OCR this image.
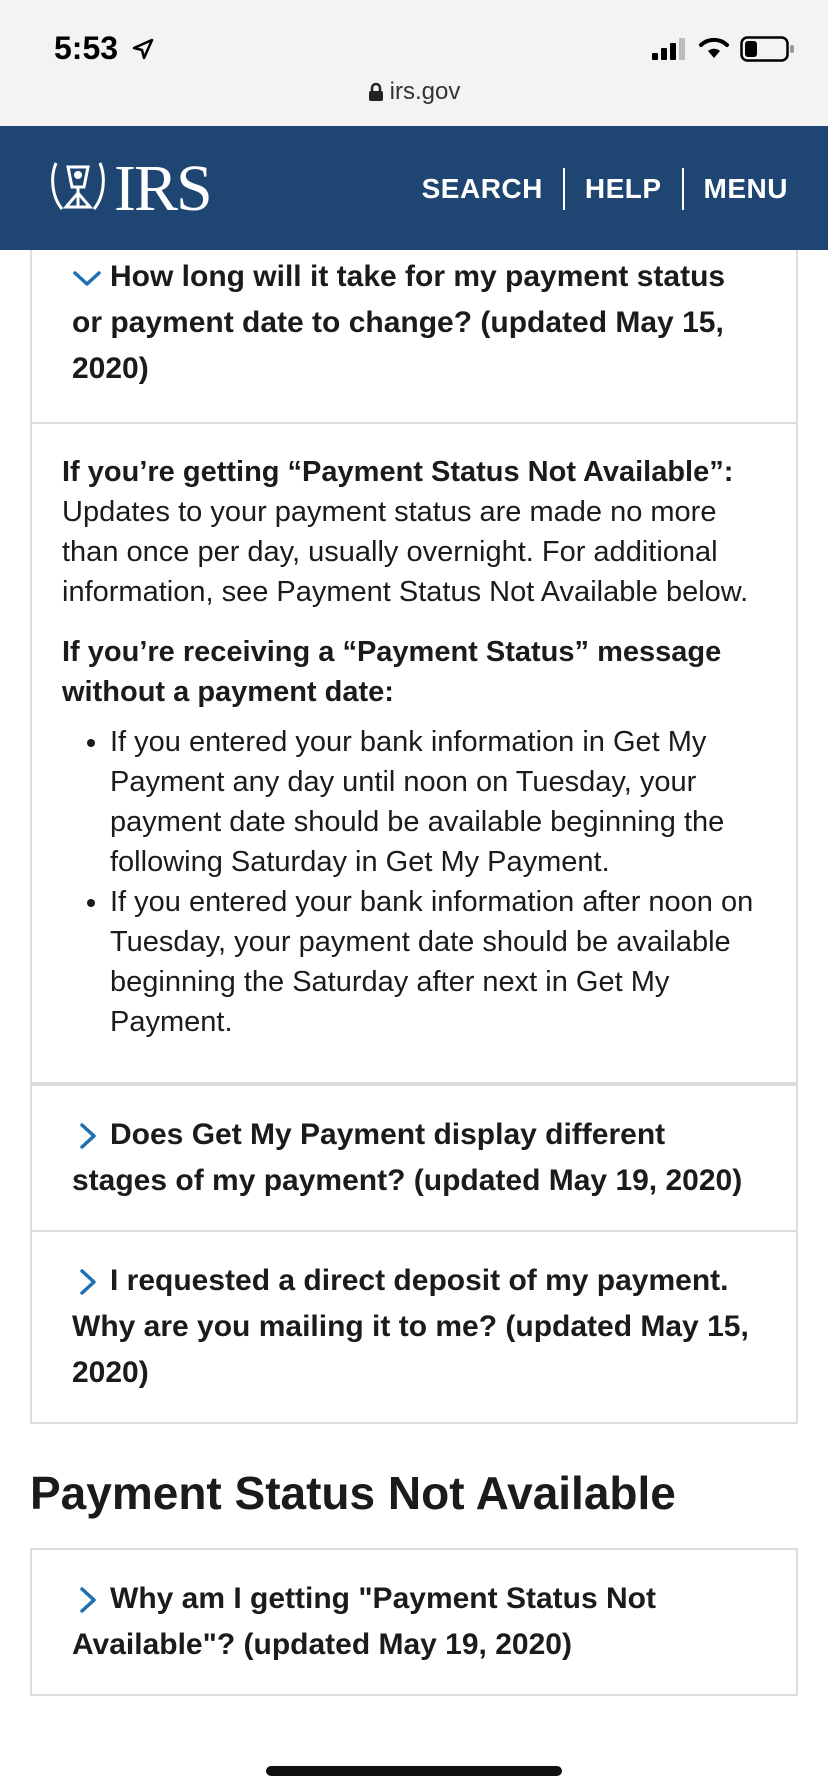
5:53
irs.gov
IRS	SEARCH	HELP	MENU
How long will it take for my payment status or payment date to change? (updated May 15, 2020)

If you’re getting “Payment Status Not Available”:
Updates to your payment status are made no more than once per day, usually overnight. For additional information, see Payment Status Not Available below.

If you’re receiving a “Payment Status” message without a payment date:

• If you entered your bank information in Get My Payment any day until noon on Tuesday, your payment date should be available beginning the following Saturday in Get My Payment.
• If you entered your bank information after noon on Tuesday, your payment date should be available beginning the Saturday after next in Get My Payment.
Does Get My Payment display different stages of my payment? (updated May 19, 2020)
I requested a direct deposit of my payment. Why are you mailing it to me? (updated May 15, 2020)
Payment Status Not Available
Why am I getting "Payment Status Not Available"? (updated May 19, 2020)
